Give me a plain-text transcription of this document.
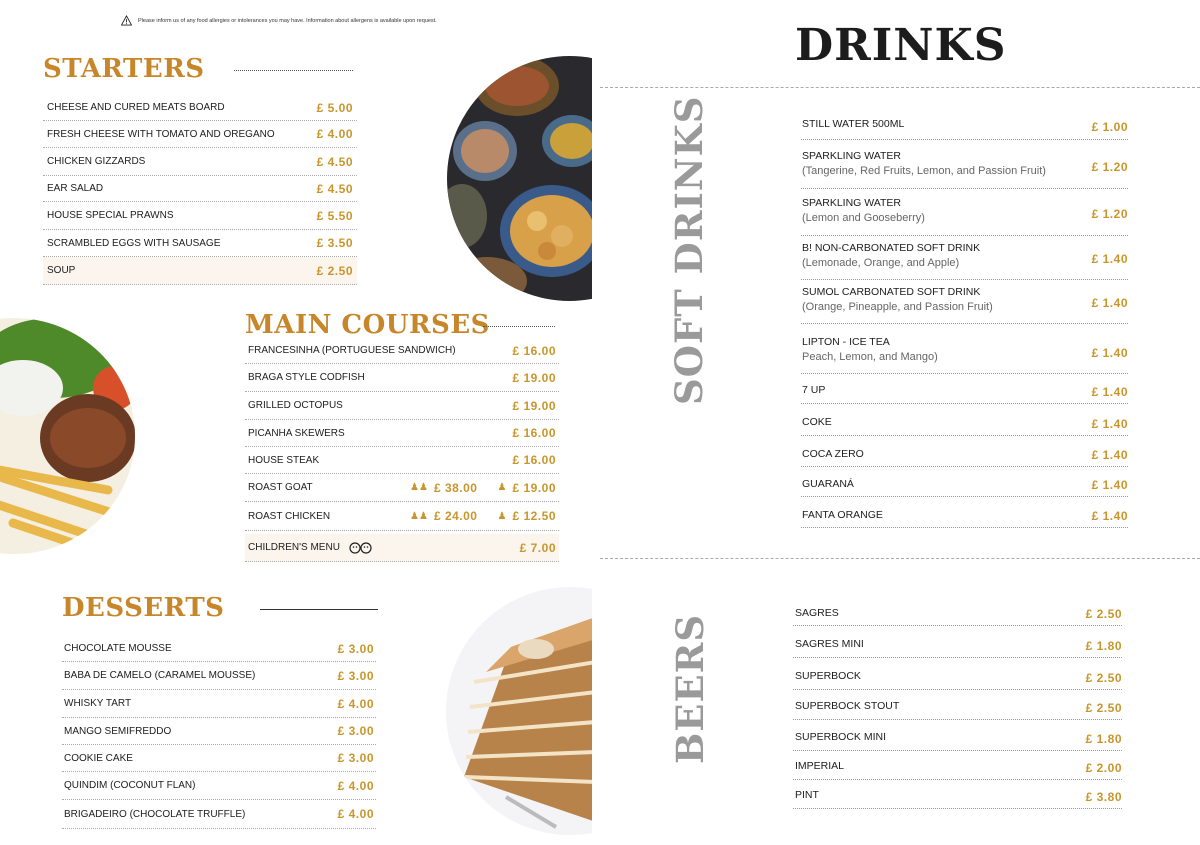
Please inform us of any food allergies or intolerances you may have. Information about allergens is available upon request.
STARTERS
CHEESE AND CURED MEATS BOARD	£ 5.00
FRESH CHEESE WITH TOMATO AND OREGANO	£ 4.00
CHICKEN GIZZARDS	£ 4.50
EAR SALAD	£ 4.50
HOUSE SPECIAL PRAWNS	£ 5.50
SCRAMBLED EGGS WITH SAUSAGE	£ 3.50
SOUP	£ 2.50
MAIN COURSES
FRANCESINHA (PORTUGUESE SANDWICH)	£ 16.00
BRAGA STYLE CODFISH	£ 19.00
GRILLED OCTOPUS	£ 19.00
PICANHA SKEWERS	£ 16.00
HOUSE STEAK	£ 16.00
ROAST GOAT	♟♟ £ 38.00 ♟ £ 19.00
ROAST CHICKEN	♟♟ £ 24.00 ♟ £ 12.50
CHILDREN'S MENU	£ 7.00
DESSERTS
CHOCOLATE MOUSSE	£ 3.00
BABA DE CAMELO (CARAMEL MOUSSE)	£ 3.00
WHISKY TART	£ 4.00
MANGO SEMIFREDDO	£ 3.00
COOKIE CAKE	£ 3.00
QUINDIM (COCONUT FLAN)	£ 4.00
BRIGADEIRO (CHOCOLATE TRUFFLE)	£ 4.00
DRINKS
SOFT DRINKS
BEERS
STILL WATER 500ML	£ 1.00
SPARKLING WATER
(Tangerine, Red Fruits, Lemon, and Passion Fruit)	£ 1.20
SPARKLING WATER
(Lemon and Gooseberry)	£ 1.20
B! NON-CARBONATED SOFT DRINK
(Lemonade, Orange, and Apple)	£ 1.40
SUMOL CARBONATED SOFT DRINK
(Orange, Pineapple, and Passion Fruit)	£ 1.40
LIPTON - ICE TEA
Peach, Lemon, and Mango)	£ 1.40
7 UP	£ 1.40
COKE	£ 1.40
COCA ZERO	£ 1.40
GUARANÁ	£ 1.40
FANTA ORANGE	£ 1.40
SAGRES	£ 2.50
SAGRES MINI	£ 1.80
SUPERBOCK	£ 2.50
SUPERBOCK STOUT	£ 2.50
SUPERBOCK MINI	£ 1.80
IMPERIAL	£ 2.00
PINT	£ 3.80
